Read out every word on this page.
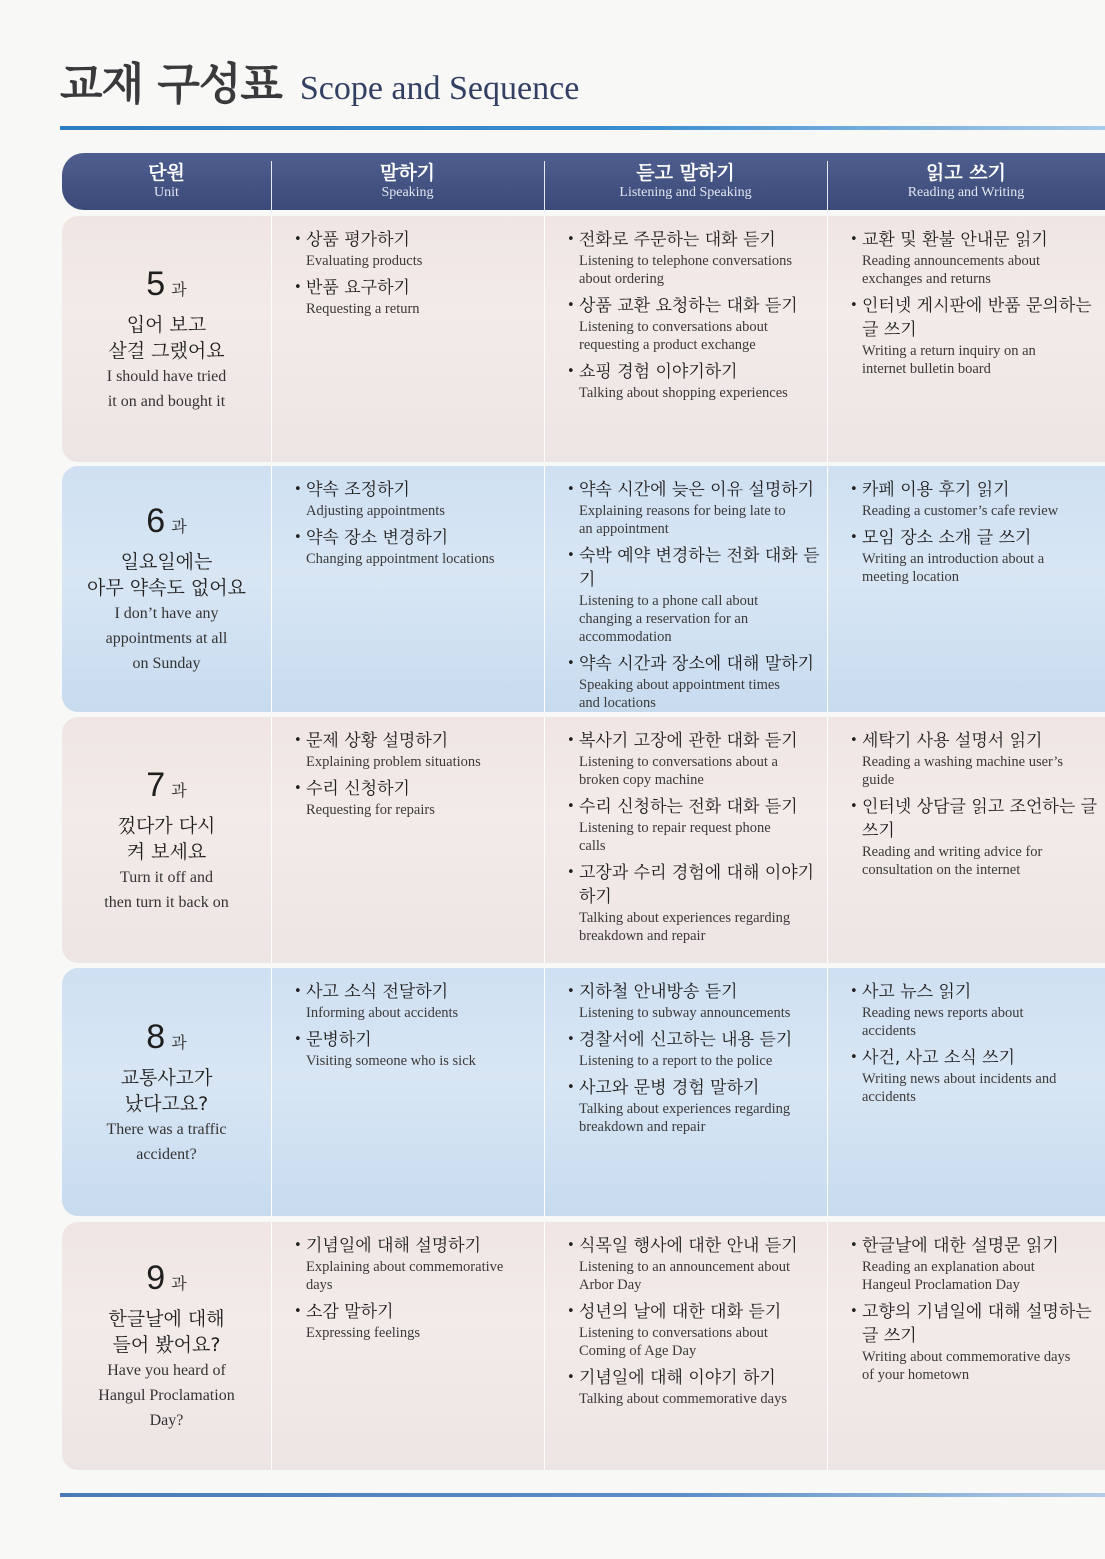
교재 구성표 Scope and Sequence
단원
Unit
말하기
Speaking
듣고 말하기
Listening and Speaking
읽고 쓰기
Reading and Writing
5 과
입어 보고
살걸 그랬어요
I should have tried
it on and bought it
• 상품 평가하기
Evaluating products
• 반품 요구하기
Requesting a return
• 전화로 주문하는 대화 듣기
Listening to telephone conversations
about ordering
• 상품 교환 요청하는 대화 듣기
Listening to conversations about
requesting a product exchange
• 쇼핑 경험 이야기하기
Talking about shopping experiences
• 교환 및 환불 안내문 읽기
Reading announcements about
exchanges and returns
• 인터넷 게시판에 반품 문의하는 글 쓰기
Writing a return inquiry on an
internet bulletin board
6 과
일요일에는
아무 약속도 없어요
I don’t have any
appointments at all
on Sunday
• 약속 조정하기
Adjusting appointments
• 약속 장소 변경하기
Changing appointment locations
• 약속 시간에 늦은 이유 설명하기
Explaining reasons for being late to
an appointment
• 숙박 예약 변경하는 전화 대화 듣기
Listening to a phone call about
changing a reservation for an
accommodation
• 약속 시간과 장소에 대해 말하기
Speaking about appointment times
and locations
• 카페 이용 후기 읽기
Reading a customer’s cafe review
• 모임 장소 소개 글 쓰기
Writing an introduction about a
meeting location
7 과
껐다가 다시
켜 보세요
Turn it off and
then turn it back on
• 문제 상황 설명하기
Explaining problem situations
• 수리 신청하기
Requesting for repairs
• 복사기 고장에 관한 대화 듣기
Listening to conversations about a
broken copy machine
• 수리 신청하는 전화 대화 듣기
Listening to repair request phone
calls
• 고장과 수리 경험에 대해 이야기하기
Talking about experiences regarding
breakdown and repair
• 세탁기 사용 설명서 읽기
Reading a washing machine user’s
guide
• 인터넷 상담글 읽고 조언하는 글 쓰기
Reading and writing advice for
consultation on the internet
8 과
교통사고가
났다고요?
There was a traffic
accident?
• 사고 소식 전달하기
Informing about accidents
• 문병하기
Visiting someone who is sick
• 지하철 안내방송 듣기
Listening to subway announcements
• 경찰서에 신고하는 내용 듣기
Listening to a report to the police
• 사고와 문병 경험 말하기
Talking about experiences regarding
breakdown and repair
• 사고 뉴스 읽기
Reading news reports about
accidents
• 사건, 사고 소식 쓰기
Writing news about incidents and
accidents
9 과
한글날에 대해
들어 봤어요?
Have you heard of
Hangul Proclamation
Day?
• 기념일에 대해 설명하기
Explaining about commemorative
days
• 소감 말하기
Expressing feelings
• 식목일 행사에 대한 안내 듣기
Listening to an announcement about
Arbor Day
• 성년의 날에 대한 대화 듣기
Listening to conversations about
Coming of Age Day
• 기념일에 대해 이야기 하기
Talking about commemorative days
• 한글날에 대한 설명문 읽기
Reading an explanation about
Hangeul Proclamation Day
• 고향의 기념일에 대해 설명하는 글 쓰기
Writing about commemorative days
of your hometown
